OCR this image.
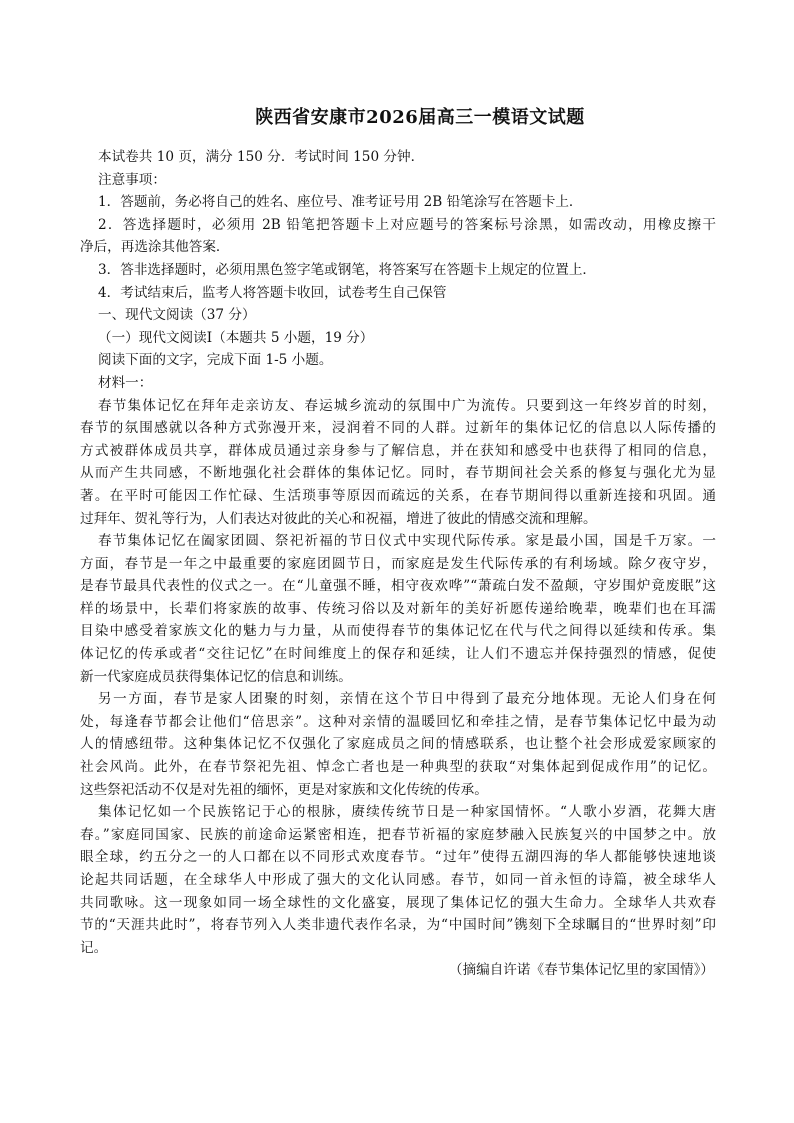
陕西省安康市2026届高三一模语文试题
本试卷共 10 页，满分 150 分．考试时间 150 分钟．
注意事项：
1．答题前，务必将自己的姓名、座位号、准考证号用 2B 铅笔涂写在答题卡上．
2．答选择题时，必须用 2B 铅笔把答题卡上对应题号的答案标号涂黑，如需改动，用橡皮擦干
净后，再选涂其他答案．
3．答非选择题时，必须用黑色签字笔或钢笔，将答案写在答题卡上规定的位置上．
4．考试结束后，监考人将答题卡收回，试卷考生自己保管
一、现代文阅读（37 分）
（一）现代文阅读I（本题共 5 小题，19 分）
阅读下面的文字，完成下面 1-5 小题。
材料一：
春节集体记忆在拜年走亲访友、春运城乡流动的氛围中广为流传。只要到这一年终岁首的时刻，
春节的氛围感就以各种方式弥漫开来，浸润着不同的人群。过新年的集体记忆的信息以人际传播的
方式被群体成员共享，群体成员通过亲身参与了解信息，并在获知和感受中也获得了相同的信息，
从而产生共同感，不断地强化社会群体的集体记忆。同时，春节期间社会关系的修复与强化尤为显
著。在平时可能因工作忙碌、生活琐事等原因而疏远的关系，在春节期间得以重新连接和巩固。通
过拜年、贺礼等行为，人们表达对彼此的关心和祝福，增进了彼此的情感交流和理解。
春节集体记忆在阖家团圆、祭祀祈福的节日仪式中实现代际传承。家是最小国，国是千万家。一
方面，春节是一年之中最重要的家庭团圆节日，而家庭是发生代际传承的有利场域。除夕夜守岁，
是春节最具代表性的仪式之一。在“儿童强不睡，相守夜欢哗”“萧疏白发不盈颠，守岁围炉竟废眠”这
样的场景中，长辈们将家族的故事、传统习俗以及对新年的美好祈愿传递给晚辈，晚辈们也在耳濡
目染中感受着家族文化的魅力与力量，从而使得春节的集体记忆在代与代之间得以延续和传承。集
体记忆的传承或者“交往记忆”在时间维度上的保存和延续，让人们不遗忘并保持强烈的情感，促使
新一代家庭成员获得集体记忆的信息和训练。
另一方面，春节是家人团聚的时刻，亲情在这个节日中得到了最充分地体现。无论人们身在何
处，每逢春节都会让他们“倍思亲”。这种对亲情的温暖回忆和牵挂之情，是春节集体记忆中最为动
人的情感纽带。这种集体记忆不仅强化了家庭成员之间的情感联系，也让整个社会形成爱家顾家的
社会风尚。此外，在春节祭祀先祖、悼念亡者也是一种典型的获取“对集体起到促成作用”的记忆。
这些祭祀活动不仅是对先祖的缅怀，更是对家族和文化传统的传承。
集体记忆如一个民族铭记于心的根脉，赓续传统节日是一种家国情怀。“人歌小岁酒，花舞大唐
春。”家庭同国家、民族的前途命运紧密相连，把春节祈福的家庭梦融入民族复兴的中国梦之中。放
眼全球，约五分之一的人口都在以不同形式欢度春节。“过年”使得五湖四海的华人都能够快速地谈
论起共同话题，在全球华人中形成了强大的文化认同感。春节，如同一首永恒的诗篇，被全球华人
共同歌咏。这一现象如同一场全球性的文化盛宴，展现了集体记忆的强大生命力。全球华人共欢春
节的“天涯共此时”，将春节列入人类非遗代表作名录，为“中国时间”镌刻下全球瞩目的“世界时刻”印
记。
（摘编自许诺《春节集体记忆里的家国情》）
